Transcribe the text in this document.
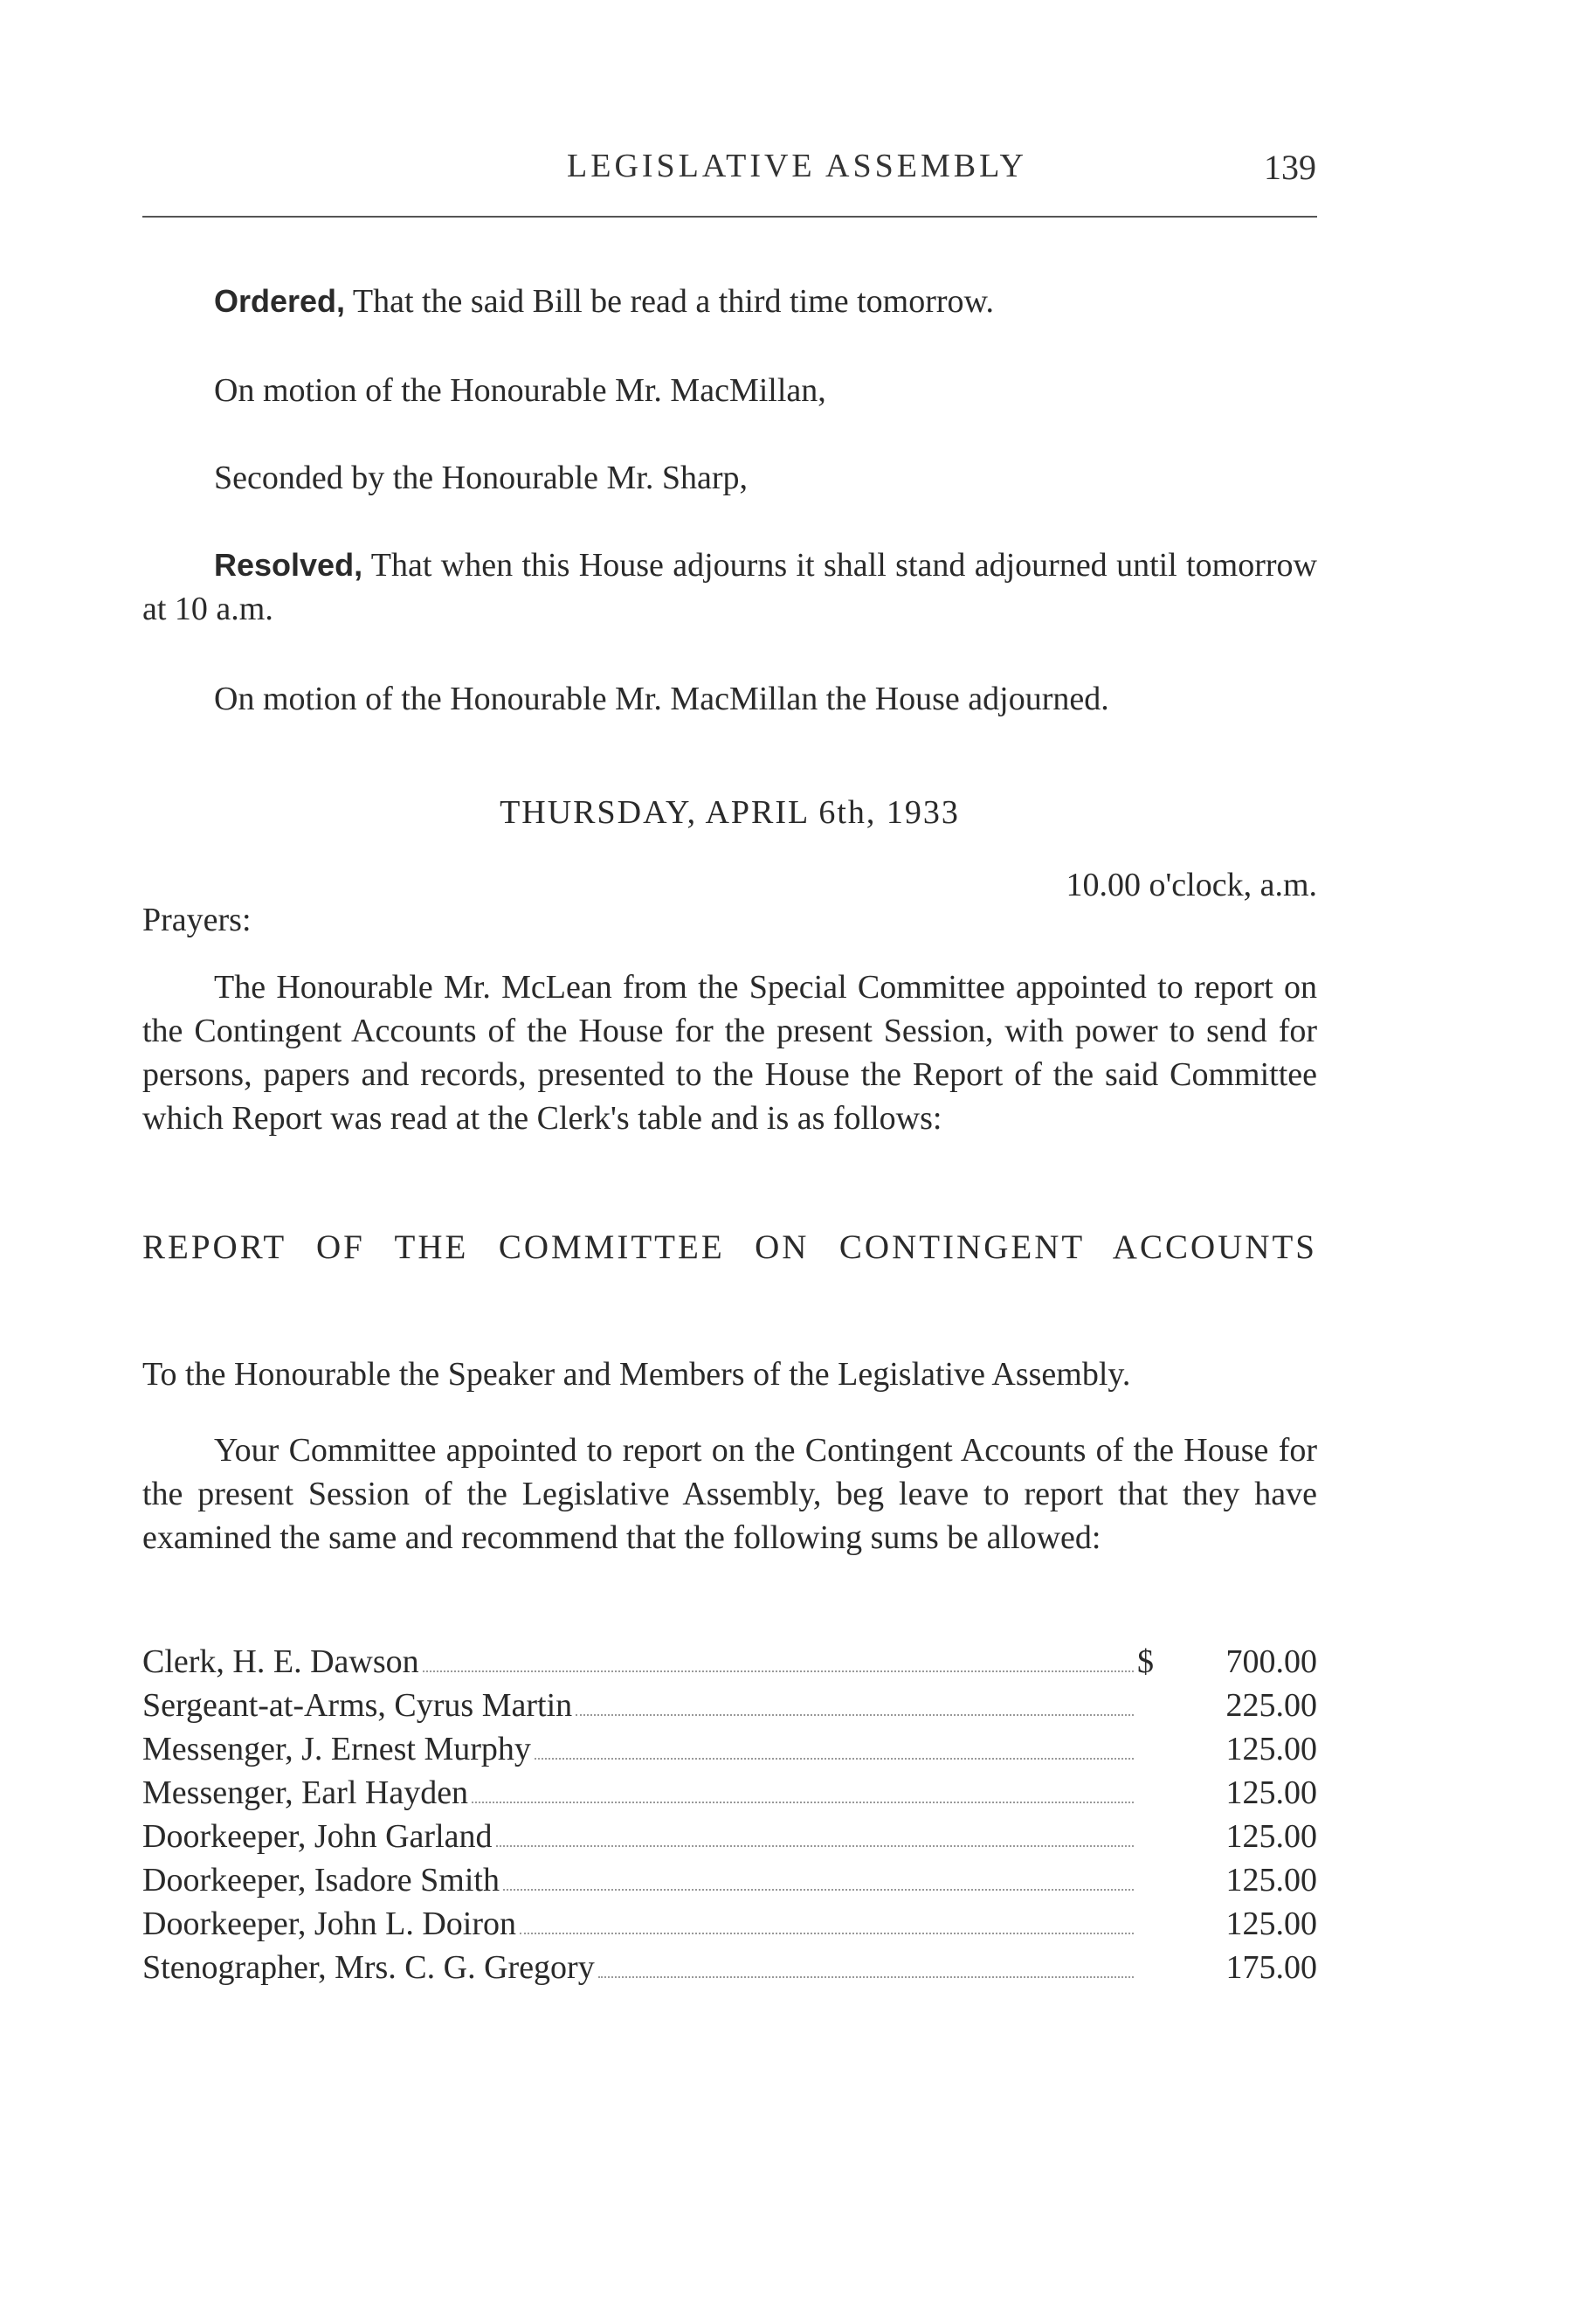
LEGISLATIVE ASSEMBLY	139

Ordered, That the said Bill be read a third time tomorrow.

On motion of the Honourable Mr. MacMillan,

Seconded by the Honourable Mr. Sharp,

Resolved, That when this House adjourns it shall stand adjourned until tomorrow at 10 a.m.

On motion of the Honourable Mr. MacMillan the House adjourned.

THURSDAY, APRIL 6th, 1933
10.00 o'clock, a.m.
Prayers:

The Honourable Mr. McLean from the Special Committee appointed to report on the Contingent Accounts of the House for the present Session, with power to send for persons, papers and records, presented to the House the Report of the said Committee which Report was read at the Clerk's table and is as follows:

REPORT OF THE COMMITTEE ON CONTINGENT ACCOUNTS

To the Honourable the Speaker and Members of the Legislative Assembly.

Your Committee appointed to report on the Contingent Accounts of the House for the present Session of the Legislative Assembly, beg leave to report that they have examined the same and recommend that the following sums be allowed:

Clerk, H. E. Dawson	$	700.00
Sergeant-at-Arms, Cyrus Martin	225.00
Messenger, J. Ernest Murphy	125.00
Messenger, Earl Hayden	125.00
Doorkeeper, John Garland	125.00
Doorkeeper, Isadore Smith	125.00
Doorkeeper, John L. Doiron	125.00
Stenographer, Mrs. C. G. Gregory	175.00
